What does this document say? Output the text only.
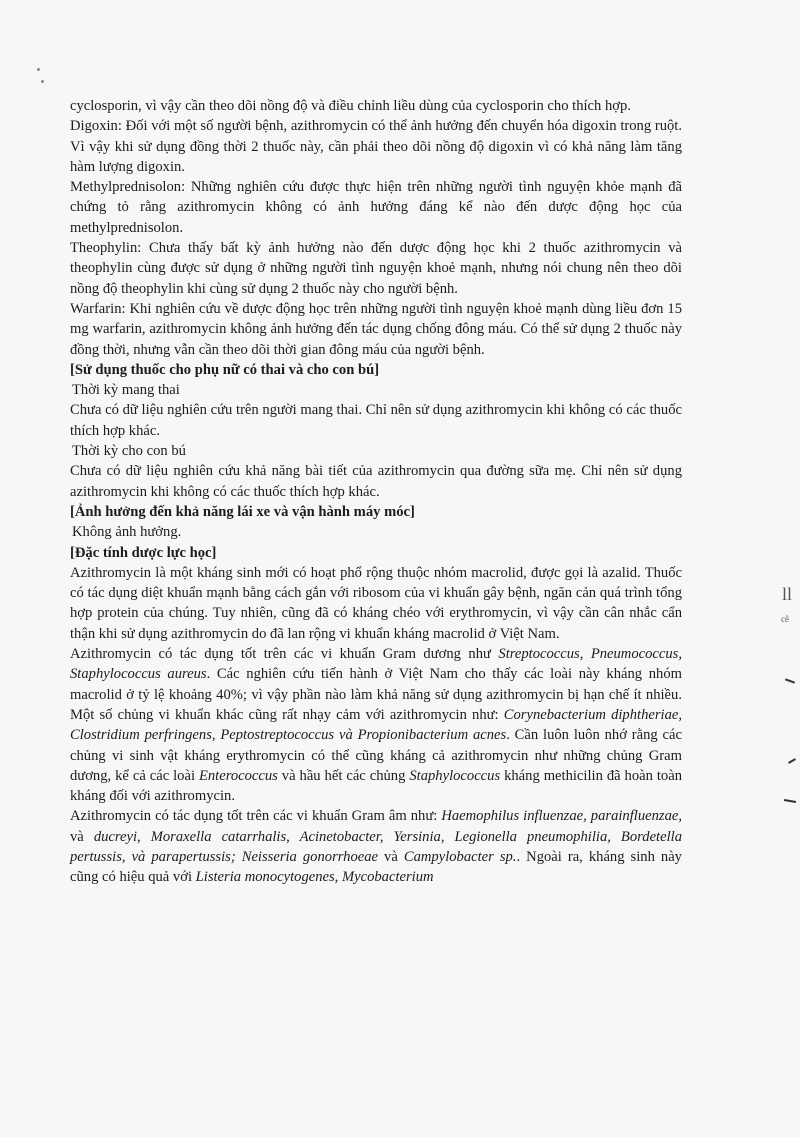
ll
cê

cyclosporin, vì vậy cần theo dõi nồng độ và điều chỉnh liều dùng của cyclosporin cho thích hợp.

Digoxin: Đối với một số người bệnh, azithromycin có thể ảnh hưởng đến chuyển hóa digoxin trong ruột. Vì vậy khi sử dụng đồng thời 2 thuốc này, cần phải theo dõi nồng độ digoxin vì có khả năng làm tăng hàm lượng digoxin.

Methylprednisolon: Những nghiên cứu được thực hiện trên những người tình nguyện khỏe mạnh đã chứng tỏ rằng azithromycin không có ảnh hưởng đáng kể nào đến dược động học của methylprednisolon.

Theophylin: Chưa thấy bất kỳ ảnh hưởng nào đến dược động học khi 2 thuốc azithromycin và theophylin cùng được sử dụng ở những người tình nguyện khoẻ mạnh, nhưng nói chung nên theo dõi nồng độ theophylin khi cùng sử dụng 2 thuốc này cho người bệnh.

Warfarin: Khi nghiên cứu về dược động học trên những người tình nguyện khoẻ mạnh dùng liều đơn 15 mg warfarin, azithromycin không ảnh hưởng đến tác dụng chống đông máu. Có thể sử dụng 2 thuốc này đồng thời, nhưng vẫn cần theo dõi thời gian đông máu của người bệnh.

[Sử dụng thuốc cho phụ nữ có thai và cho con bú]

Thời kỳ mang thai

Chưa có dữ liệu nghiên cứu trên người mang thai. Chỉ nên sử dụng azithromycin khi không có các thuốc thích hợp khác.

Thời kỳ cho con bú

Chưa có dữ liệu nghiên cứu khả năng bài tiết của azithromycin qua đường sữa mẹ. Chỉ nên sử dụng azithromycin khi không có các thuốc thích hợp khác.

[Ảnh hưởng đến khả năng lái xe và vận hành máy móc]

Không ảnh hưởng.

[Đặc tính dược lực học]

Azithromycin là một kháng sinh mới có hoạt phổ rộng thuộc nhóm macrolid, được gọi là azalid. Thuốc có tác dụng diệt khuẩn mạnh bằng cách gắn với ribosom của vi khuẩn gây bệnh, ngăn cản quá trình tổng hợp protein của chúng. Tuy nhiên, cũng đã có kháng chéo với erythromycin, vì vậy cần cân nhắc cẩn thận khi sử dụng azithromycin do đã lan rộng vi khuẩn kháng macrolid ở Việt Nam.

Azithromycin có tác dụng tốt trên các vi khuẩn Gram dương như Streptococcus, Pneumococcus, Staphylococcus aureus. Các nghiên cứu tiến hành ở Việt Nam cho thấy các loài này kháng nhóm macrolid ở tỷ lệ khoảng 40%; vì vậy phần nào làm khả năng sử dụng azithromycin bị hạn chế ít nhiều. Một số chủng vi khuẩn khác cũng rất nhạy cảm với azithromycin như: Corynebacterium diphtheriae, Clostridium perfringens, Peptostreptococcus và Propionibacterium acnes. Cần luôn luôn nhớ rằng các chủng vi sinh vật kháng erythromycin có thể cũng kháng cả azithromycin như những chủng Gram dương, kể cả các loài Enterococcus và hầu hết các chủng Staphylococcus kháng methicilin đã hoàn toàn kháng đối với azithromycin.

Azithromycin có tác dụng tốt trên các vi khuẩn Gram âm như: Haemophilus influenzae, parainfluenzae, và ducreyi, Moraxella catarrhalis, Acinetobacter, Yersinia, Legionella pneumophilia, Bordetella pertussis, và parapertussis; Neisseria gonorrhoeae và Campylobacter sp.. Ngoài ra, kháng sinh này cũng có hiệu quả với Listeria monocytogenes, Mycobacterium
